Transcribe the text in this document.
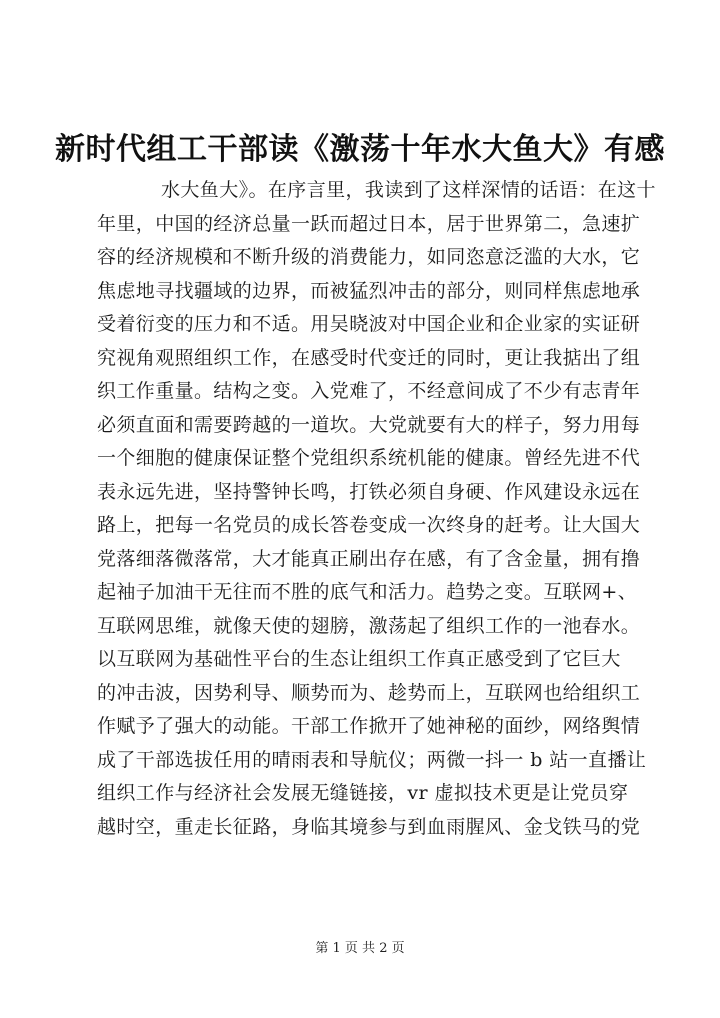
新时代组工干部读《激荡十年水大鱼大》有感
水大鱼大》。在序言里，我读到了这样深情的话语：在这十
年里，中国的经济总量一跃而超过日本，居于世界第二，急速扩
容的经济规模和不断升级的消费能力，如同恣意泛滥的大水，它
焦虑地寻找疆域的边界，而被猛烈冲击的部分，则同样焦虑地承
受着衍变的压力和不适。用吴晓波对中国企业和企业家的实证研
究视角观照组织工作，在感受时代变迁的同时，更让我掂出了组
织工作重量。结构之变。入党难了，不经意间成了不少有志青年
必须直面和需要跨越的一道坎。大党就要有大的样子，努力用每
一个细胞的健康保证整个党组织系统机能的健康。曾经先进不代
表永远先进，坚持警钟长鸣，打铁必须自身硬、作风建设永远在
路上，把每一名党员的成长答卷变成一次终身的赶考。让大国大
党落细落微落常，大才能真正刷出存在感，有了含金量，拥有撸
起袖子加油干无往而不胜的底气和活力。趋势之变。互联网+、
互联网思维，就像天使的翅膀，激荡起了组织工作的一池春水。
以互联网为基础性平台的生态让组织工作真正感受到了它巨大
的冲击波，因势利导、顺势而为、趁势而上，互联网也给组织工
作赋予了强大的动能。干部工作掀开了她神秘的面纱，网络舆情
成了干部选拔任用的晴雨表和导航仪；两微一抖一 b 站一直播让
组织工作与经济社会发展无缝链接，vr 虚拟技术更是让党员穿
越时空，重走长征路，身临其境参与到血雨腥风、金戈铁马的党
第 1 页 共 2 页
